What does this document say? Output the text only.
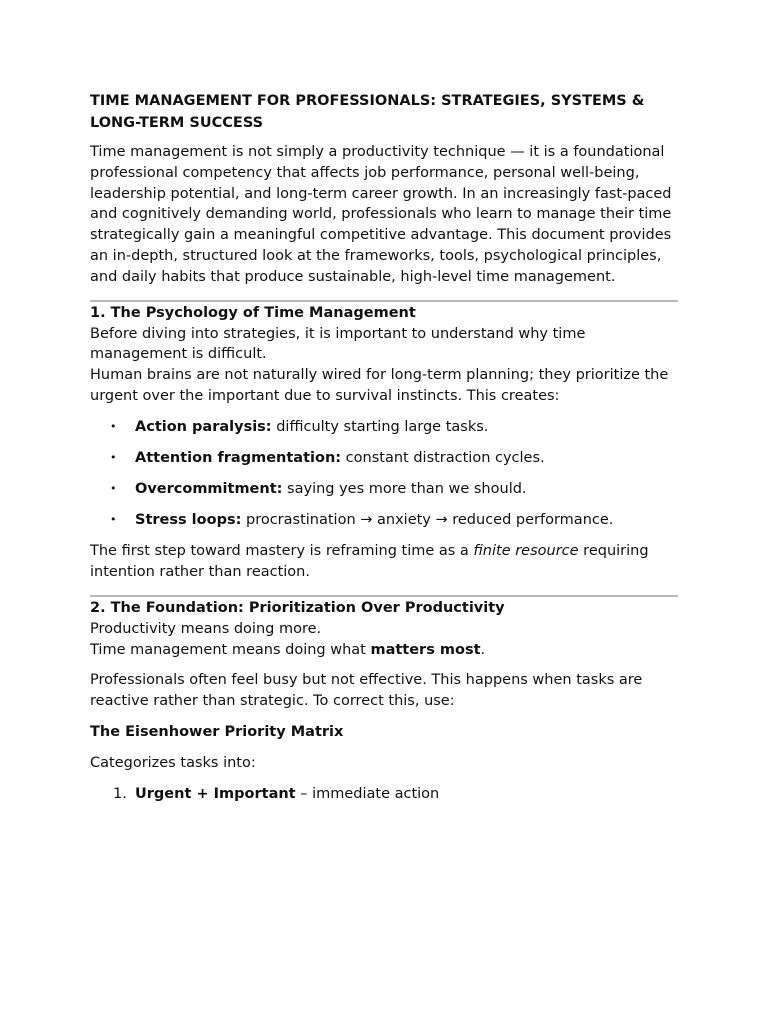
TIME MANAGEMENT FOR PROFESSIONALS: STRATEGIES, SYSTEMS & LONG-TERM SUCCESS

Time management is not simply a productivity technique — it is a foundational professional competency that affects job performance, personal well-being, leadership potential, and long-term career growth. In an increasingly fast-paced and cognitively demanding world, professionals who learn to manage their time strategically gain a meaningful competitive advantage. This document provides an in-depth, structured look at the frameworks, tools, psychological principles, and daily habits that produce sustainable, high-level time management.

1. The Psychology of Time Management

Before diving into strategies, it is important to understand why time management is difficult.

Human brains are not naturally wired for long-term planning; they prioritize the urgent over the important due to survival instincts. This creates:

• Action paralysis: difficulty starting large tasks.
• Attention fragmentation: constant distraction cycles.
• Overcommitment: saying yes more than we should.
• Stress loops: procrastination → anxiety → reduced performance.

The first step toward mastery is reframing time as a finite resource requiring intention rather than reaction.

2. The Foundation: Prioritization Over Productivity

Productivity means doing more.

Time management means doing what matters most.

Professionals often feel busy but not effective. This happens when tasks are reactive rather than strategic. To correct this, use:

The Eisenhower Priority Matrix

Categorizes tasks into:

1. Urgent + Important – immediate action
